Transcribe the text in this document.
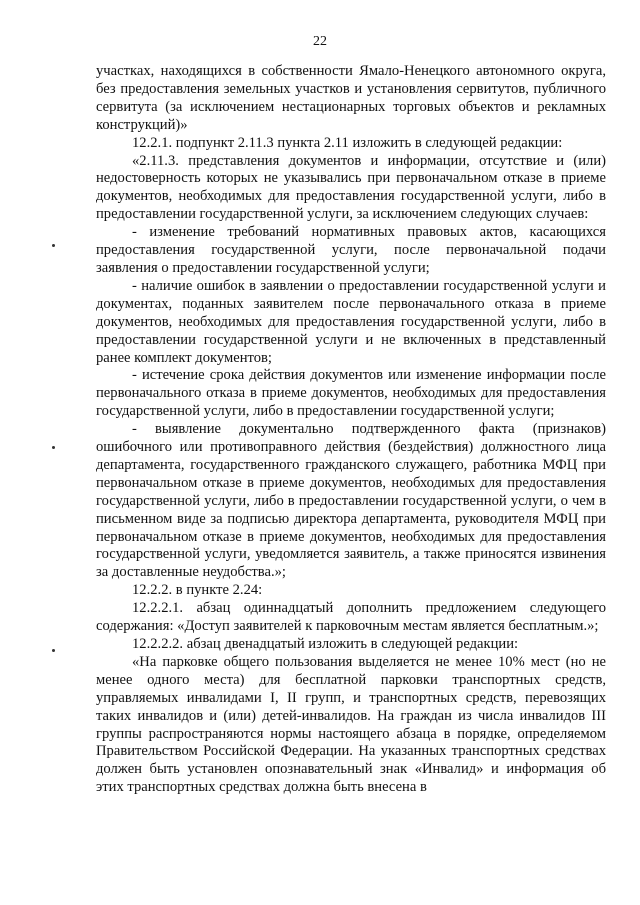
22

участках, находящихся в собственности Ямало-Ненецкого автономного округа, без предоставления земельных участков и установления сервитутов, публичного сервитута (за исключением нестационарных торговых объектов и рекламных конструкций)»

12.2.1. подпункт 2.11.3 пункта 2.11 изложить в следующей редакции:

«2.11.3. представления документов и информации, отсутствие и (или) недостоверность которых не указывались при первоначальном отказе в приеме документов, необходимых для предоставления государственной услуги, либо в предоставлении государственной услуги, за исключением следующих случаев:

- изменение требований нормативных правовых актов, касающихся предоставления государственной услуги, после первоначальной подачи заявления о предоставлении государственной услуги;

- наличие ошибок в заявлении о предоставлении государственной услуги и документах, поданных заявителем после первоначального отказа в приеме документов, необходимых для предоставления государственной услуги, либо в предоставлении государственной услуги и не включенных в представленный ранее комплект документов;

- истечение срока действия документов или изменение информации после первоначального отказа в приеме документов, необходимых для предоставления государственной услуги, либо в предоставлении государственной услуги;

- выявление документально подтвержденного факта (признаков) ошибочного или противоправного действия (бездействия) должностного лица департамента, государственного гражданского служащего, работника МФЦ при первоначальном отказе в приеме документов, необходимых для предоставления государственной услуги, либо в предоставлении государственной услуги, о чем в письменном виде за подписью директора департамента, руководителя МФЦ при первоначальном отказе в приеме документов, необходимых для предоставления государственной услуги, уведомляется заявитель, а также приносятся извинения за доставленные неудобства.»;

12.2.2. в пункте 2.24:

12.2.2.1. абзац одиннадцатый дополнить предложением следующего содержания: «Доступ заявителей к парковочным местам является бесплатным.»;

12.2.2.2. абзац двенадцатый изложить в следующей редакции:

«На парковке общего пользования выделяется не менее 10% мест (но не менее одного места) для бесплатной парковки транспортных средств, управляемых инвалидами I, II групп, и транспортных средств, перевозящих таких инвалидов и (или) детей-инвалидов. На граждан из числа инвалидов III группы распространяются нормы настоящего абзаца в порядке, определяемом Правительством Российской Федерации. На указанных транспортных средствах должен быть установлен опознавательный знак «Инвалид» и информация об этих транспортных средствах должна быть внесена в
